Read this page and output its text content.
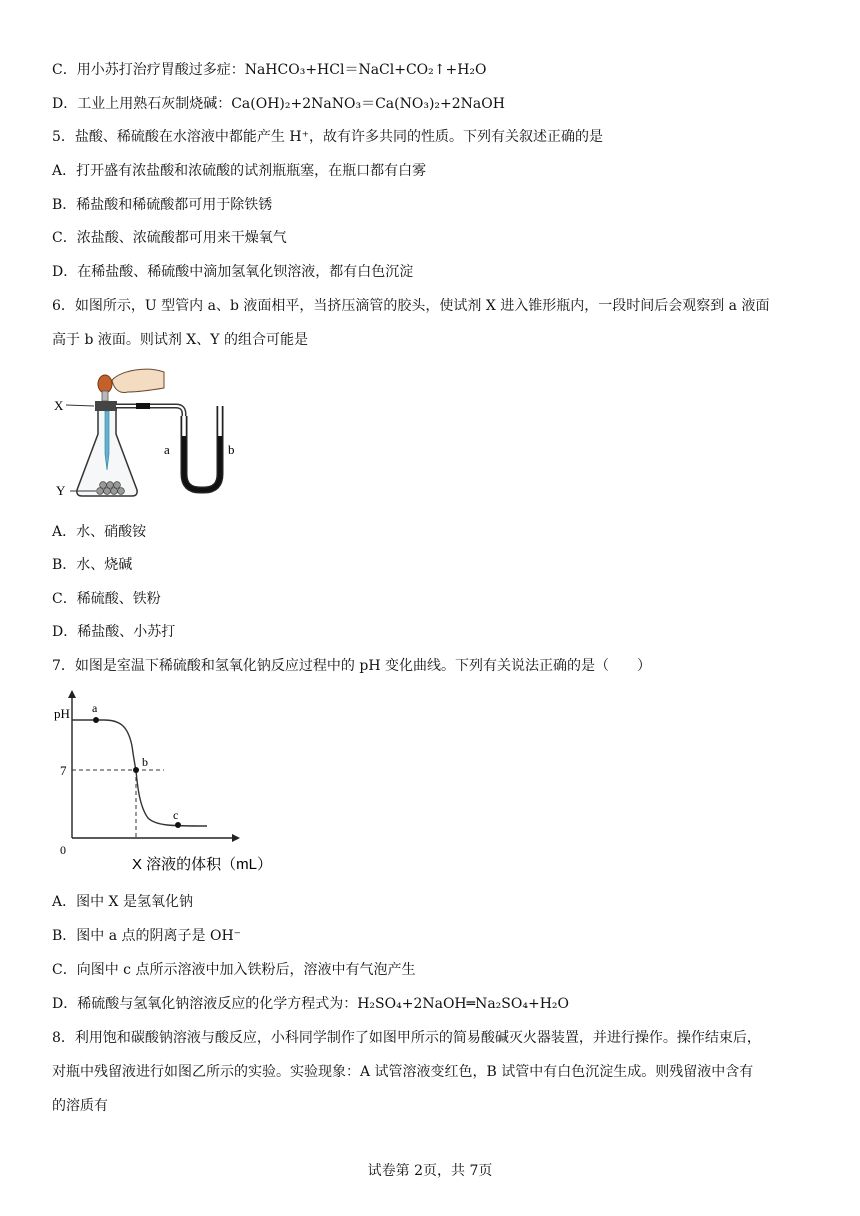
C．用小苏打治疗胃酸过多症：NaHCO₃+HCl＝NaCl+CO₂↑+H₂O
D．工业上用熟石灰制烧碱：Ca(OH)₂+2NaNO₃＝Ca(NO₃)₂+2NaOH
5．盐酸、稀硫酸在水溶液中都能产生 H⁺，故有许多共同的性质。下列有关叙述正确的是
A．打开盛有浓盐酸和浓硫酸的试剂瓶瓶塞，在瓶口都有白雾
B．稀盐酸和稀硫酸都可用于除铁锈
C．浓盐酸、浓硫酸都可用来干燥氧气
D．在稀盐酸、稀硫酸中滴加氢氧化钡溶液，都有白色沉淀
6．如图所示，U 型管内 a、b 液面相平，当挤压滴管的胶头，使试剂 X 进入锥形瓶内，一段时间后会观察到 a 液面
高于 b 液面。则试剂 X、Y 的组合可能是
X
Y
a	b
A．水、硝酸铵
B．水、烧碱
C．稀硫酸、铁粉
D．稀盐酸、小苏打
7．如图是室温下稀硫酸和氢氧化钠反应过程中的 pH 变化曲线。下列有关说法正确的是（　　）
pH
7
0
a
b
c
X 溶液的体积（mL）
A．图中 X 是氢氧化钠
B．图中 a 点的阴离子是 OH⁻
C．向图中 c 点所示溶液中加入铁粉后，溶液中有气泡产生
D．稀硫酸与氢氧化钠溶液反应的化学方程式为：H₂SO₄+2NaOH═Na₂SO₄+H₂O
8．利用饱和碳酸钠溶液与酸反应，小科同学制作了如图甲所示的简易酸碱灭火器装置，并进行操作。操作结束后，
对瓶中残留液进行如图乙所示的实验。实验现象：A 试管溶液变红色，B 试管中有白色沉淀生成。则残留液中含有
的溶质有
试卷第 2页，共 7页
